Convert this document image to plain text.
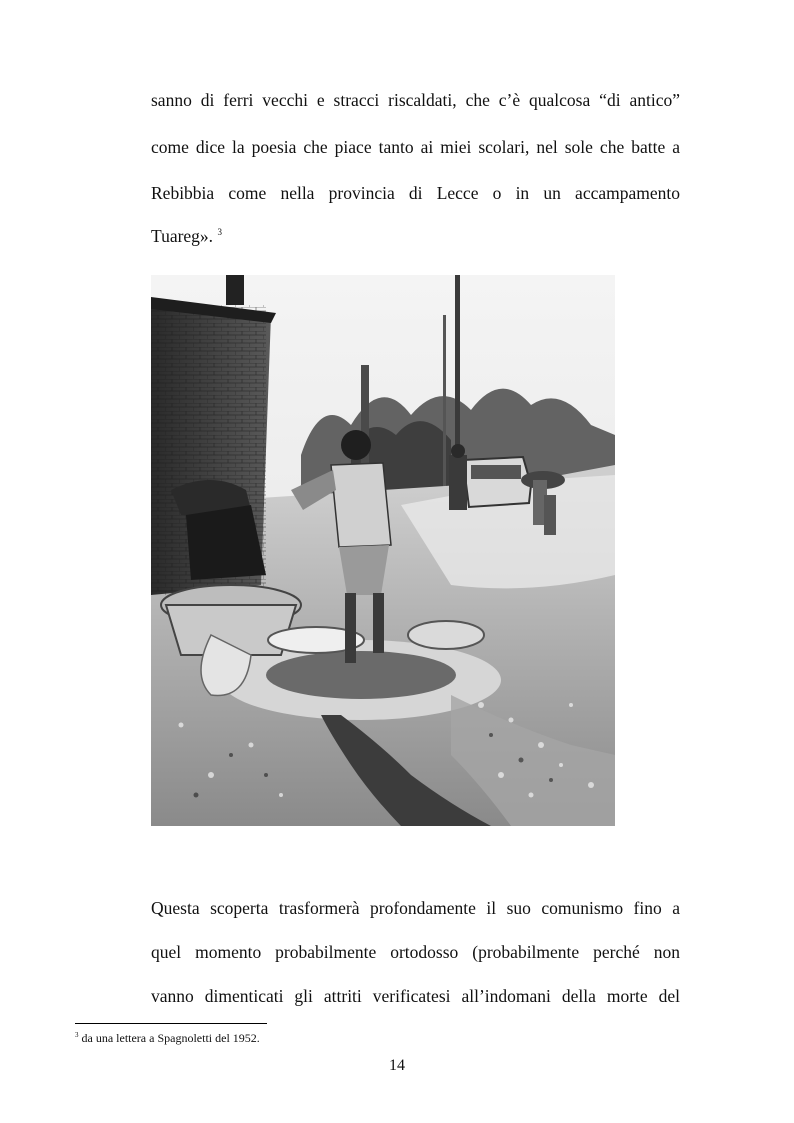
sanno di ferri vecchi e stracci riscaldati, che c’è qualcosa “di antico”
come dice la poesia che piace tanto ai miei scolari, nel sole che batte a
Rebibbia come nella provincia di Lecce o in un accampamento
Tuareg». $^3$
Questa scoperta trasformerà profondamente il suo comunismo fino a
quel momento probabilmente ortodosso (probabilmente perché non
vanno dimenticati gli attriti verificatesi all’indomani della morte del
$^3$ da una lettera a Spagnoletti del 1952.
14
